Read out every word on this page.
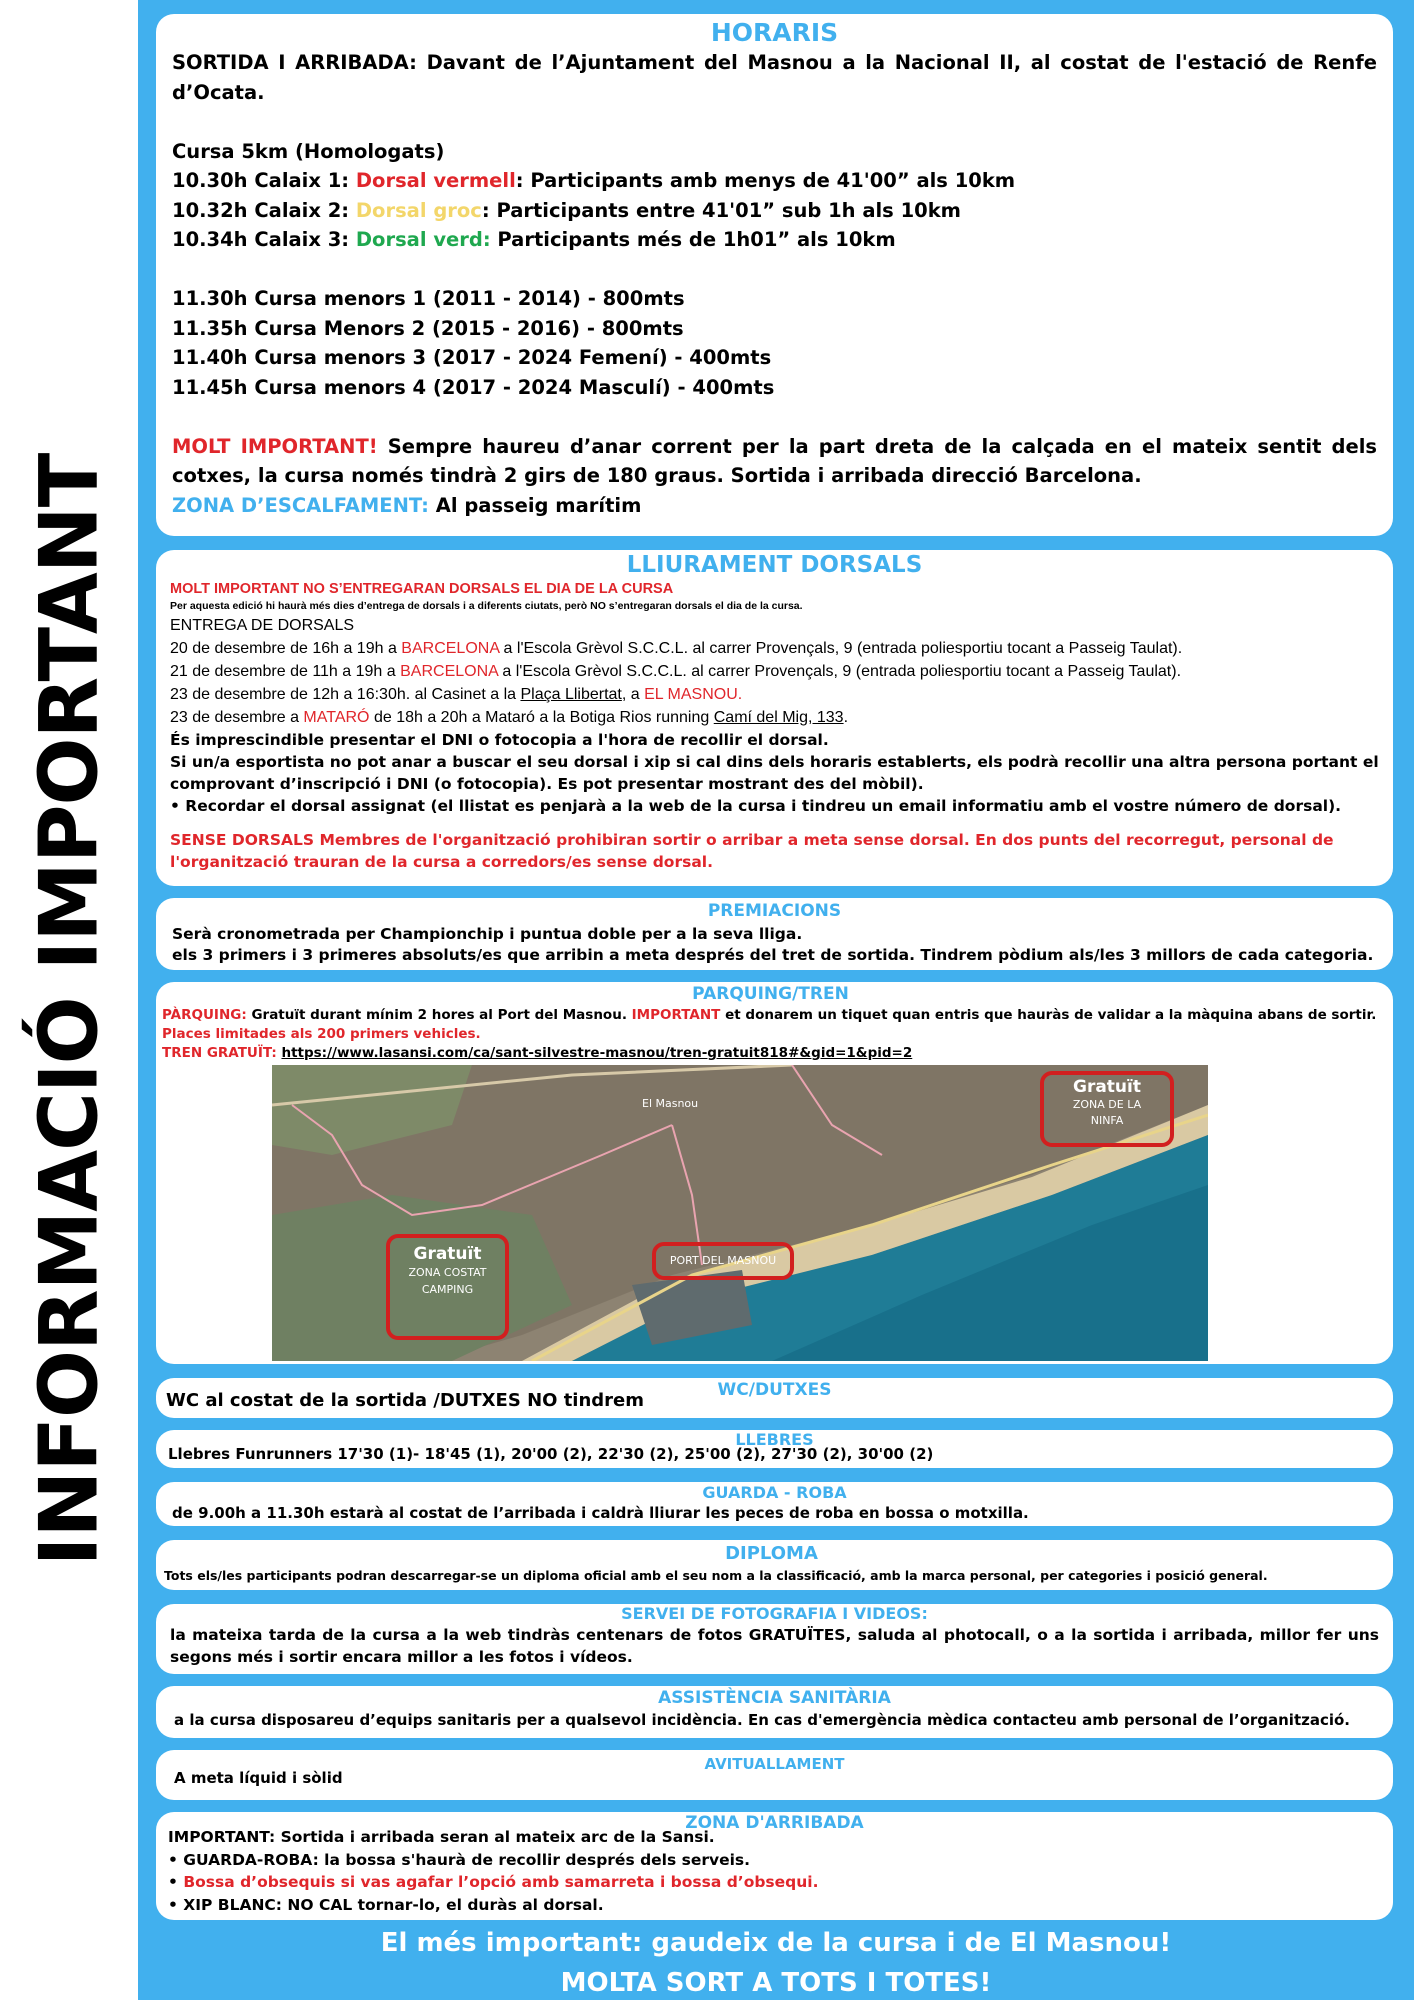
INFORMACIÓ IMPORTANT
HORARIS

SORTIDA I ARRIBADA: Davant de l’Ajuntament del Masnou a la Nacional II, al costat de l'estació de Renfe d’Ocata.

Cursa 5km (Homologats)

10.30h Calaix 1: Dorsal vermell: Participants amb menys de 41'00” als 10km

10.32h Calaix 2: Dorsal groc: Participants entre 41'01” sub 1h als 10km

10.34h Calaix 3: Dorsal verd: Participants més de 1h01” als 10km

11.30h Cursa menors 1 (2011 - 2014) - 800mts

11.35h Cursa Menors 2 (2015 - 2016) - 800mts

11.40h Cursa menors 3 (2017 - 2024 Femení) - 400mts

11.45h Cursa menors 4 (2017 - 2024 Masculí) - 400mts

MOLT IMPORTANT! Sempre haureu d’anar corrent per la part dreta de la calçada en el mateix sentit dels cotxes, la cursa només tindrà 2 girs de 180 graus. Sortida i arribada direcció Barcelona.

ZONA D’ESCALFAMENT: Al passeig marítim

LLIURAMENT DORSALS

MOLT IMPORTANT NO S’ENTREGARAN DORSALS EL DIA DE LA CURSA

Per aquesta edició hi haurà més dies d’entrega de dorsals i a diferents ciutats, però NO s’entregaran dorsals el dia de la cursa.

ENTREGA DE DORSALS

20 de desembre de 16h a 19h a BARCELONA a l'Escola Grèvol S.C.C.L. al carrer Provençals, 9 (entrada poliesportiu tocant a Passeig Taulat).

21 de desembre de 11h a 19h a BARCELONA a l'Escola Grèvol S.C.C.L. al carrer Provençals, 9 (entrada poliesportiu tocant a Passeig Taulat).

23 de desembre de 12h a 16:30h. al Casinet a la Plaça Llibertat, a EL MASNOU.

23 de desembre a MATARÓ de 18h a 20h a Mataró a la Botiga Rios running Camí del Mig, 133.

És imprescindible presentar el DNI o fotocopia a l'hora de recollir el dorsal.

Si un/a esportista no pot anar a buscar el seu dorsal i xip si cal dins dels horaris establerts, els podrà recollir una altra persona portant el comprovant d’inscripció i DNI (o fotocopia). Es pot presentar mostrant des del mòbil).

• Recordar el dorsal assignat (el llistat es penjarà a la web de la cursa i tindreu un email informatiu amb el vostre número de dorsal).

SENSE DORSALS Membres de l'organització prohibiran sortir o arribar a meta sense dorsal. En dos punts del recorregut, personal de l'organització trauran de la cursa a corredors/es sense dorsal.

PREMIACIONS

Serà cronometrada per Championchip i puntua doble per a la seva lliga.

els 3 primers i 3 primeres absoluts/es que arribin a meta després del tret de sortida. Tindrem pòdium als/les 3 millors de cada categoria.

PARQUING/TREN

PÀRQUING: Gratuït durant mínim 2 hores al Port del Masnou. IMPORTANT et donarem un tiquet quan entris que hauràs de validar a la màquina abans de sortir.

Places limitades als 200 primers vehicles.

TREN GRATUÏT: https://www.lasansi.com/ca/sant-silvestre-masnou/tren-gratuit818#&gid=1&pid=2

El Masnou
Gratuït
ZONA COSTAT CAMPING
PORT DEL MASNOU
Gratuït
ZONA DE LA NINFA
WC/DUTXES

WC al costat de la sortida /DUTXES NO tindrem

LLEBRES

Llebres Funrunners 17'30 (1)- 18'45 (1), 20'00 (2), 22'30 (2), 25'00 (2), 27'30 (2), 30'00 (2)

GUARDA - ROBA

de 9.00h a 11.30h estarà al costat de l’arribada i caldrà lliurar les peces de roba en bossa o motxilla.

DIPLOMA

Tots els/les participants podran descarregar-se un diploma oficial amb el seu nom a la classificació, amb la marca personal, per categories i posició general.

SERVEI DE FOTOGRAFIA I VIDEOS:

la mateixa tarda de la cursa a la web tindràs centenars de fotos GRATUÏTES, saluda al photocall, o a la sortida i arribada, millor fer uns segons més i sortir encara millor a les fotos i vídeos.

ASSISTÈNCIA SANITÀRIA

a la cursa disposareu d’equips sanitaris per a qualsevol incidència. En cas d'emergència mèdica contacteu amb personal de l’organització.

AVITUALLAMENT

A meta líquid i sòlid

ZONA D'ARRIBADA

IMPORTANT: Sortida i arribada seran al mateix arc de la Sansi.

• GUARDA-ROBA: la bossa s'haurà de recollir després dels serveis.

• Bossa d’obsequis si vas agafar l’opció amb samarreta i bossa d’obsequi.

• XIP BLANC: NO CAL tornar-lo, el duràs al dorsal.

El més important: gaudeix de la cursa i de El Masnou!
MOLTA SORT A TOTS I TOTES!
